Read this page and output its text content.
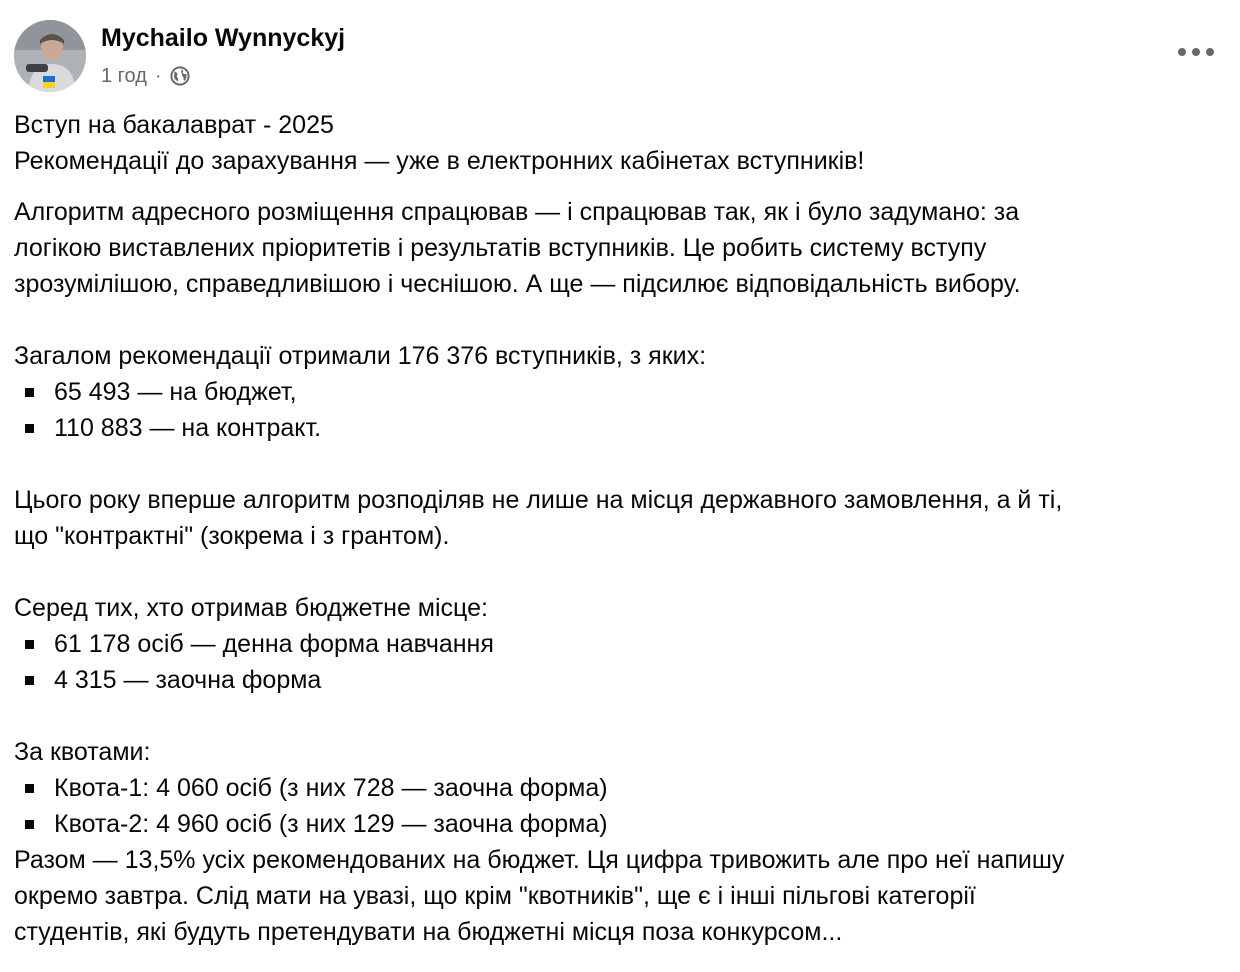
Mychailo Wynnyckyj
1 год ·
Вступ на бакалаврат - 2025
Рекомендації до зарахування — уже в електронних кабінетах вступників!
Алгоритм адресного розміщення спрацював — і спрацював так, як і було задумано: за
логікою виставлених пріоритетів і результатів вступників. Це робить систему вступу
зрозумілішою, справедливішою і чеснішою. А ще — підсилює відповідальність вибору.
Загалом рекомендації отримали 176 376 вступників, з яких:
65 493 — на бюджет,
110 883 — на контракт.
Цього року вперше алгоритм розподіляв не лише на місця державного замовлення, а й ті,
що "контрактні" (зокрема і з грантом).
Серед тих, хто отримав бюджетне місце:
61 178 осіб — денна форма навчання
4 315 — заочна форма
За квотами:
Квота-1: 4 060 осіб (з них 728 — заочна форма)
Квота-2: 4 960 осіб (з них 129 — заочна форма)
Разом — 13,5% усіх рекомендованих на бюджет. Ця цифра тривожить але про неї напишу
окремо завтра. Слід мати на увазі, що крім "квотників", ще є і інші пільгові категорії
студентів, які будуть претендувати на бюджетні місця поза конкурсом...
